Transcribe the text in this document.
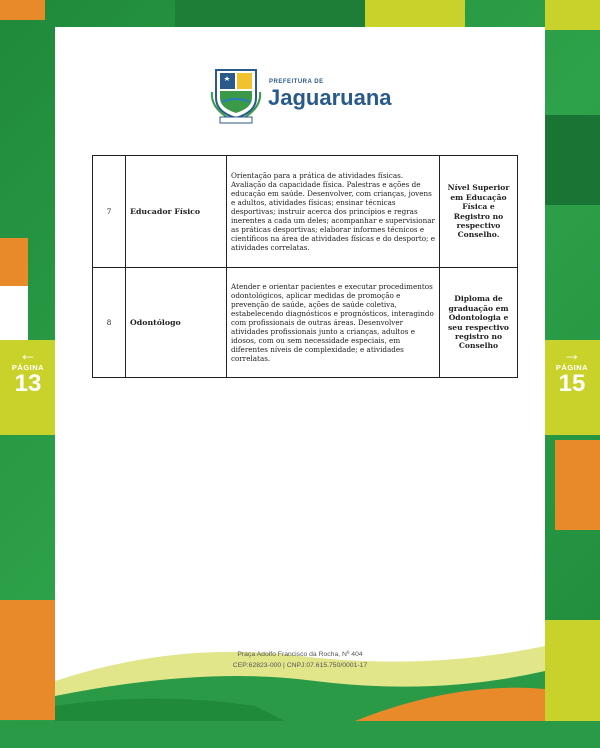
←
PÁGINA
13
→
PÁGINA
15
PREFEITURA DE
Jaguaruana
7	Educador Físico	Orientação para a prática de atividades físicas. Avaliação da capacidade física. Palestras e ações de educação em saúde. Desenvolver, com crianças, jovens e adultos, atividades físicas; ensinar técnicas desportivas; instruir acerca dos princípios e regras inerentes a cada um deles; acompanhar e supervisionar as práticas desportivas; elaborar informes técnicos e científicos na área de atividades físicas e do desporto; e atividades correlatas.	Nível Superior em Educação Física e Registro no respectivo Conselho.
8	Odontólogo	Atender e orientar pacientes e executar procedimentos odontológicos, aplicar medidas de promoção e prevenção de saúde, ações de saúde coletiva, estabelecendo diagnósticos e prognósticos, interagindo com profissionais de outras áreas. Desenvolver atividades profissionais junto a crianças, adultos e idosos, com ou sem necessidade especiais, em diferentes níveis de complexidade; e atividades correlatas.	Diploma de graduação em Odontologia e seu respectivo registro no Conselho
Praça Adolfo Francisco da Rocha, Nº 404
CEP:62823-000 | CNPJ:07.615.750/0001-17
